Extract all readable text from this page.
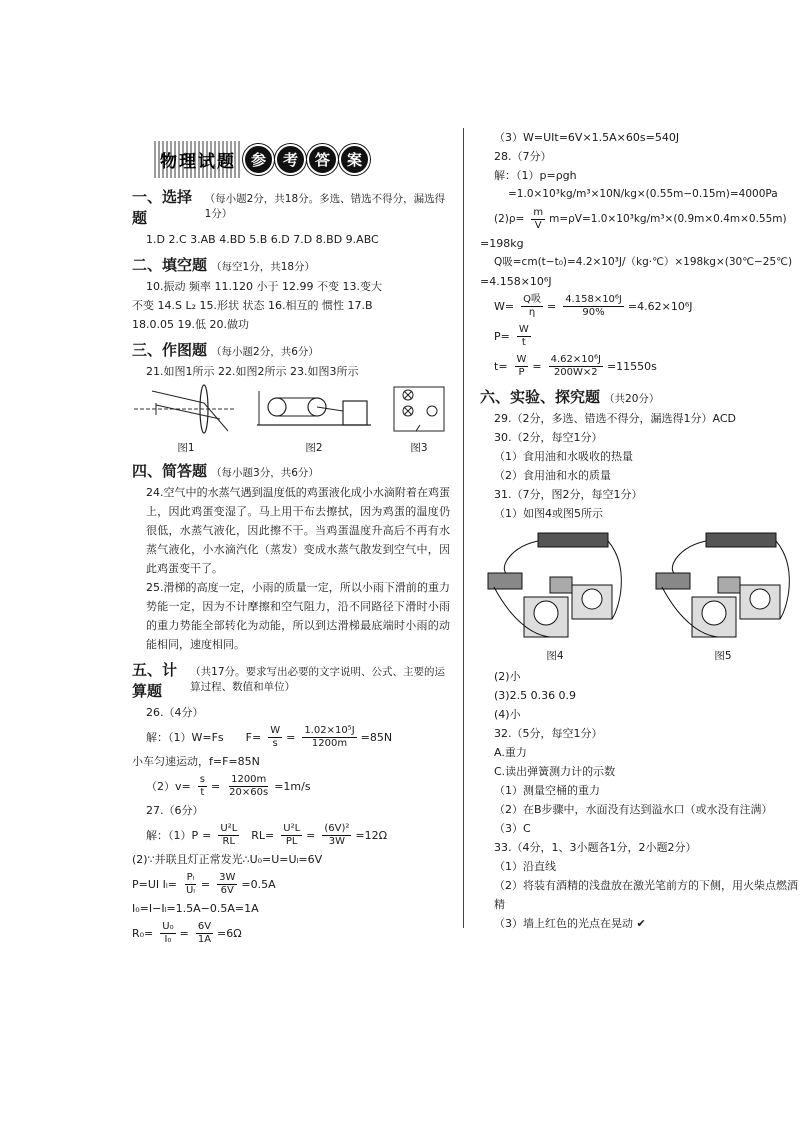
物理试题 参	考	答	案
一、选择题
（每小题2分，共18分。多选、错选不得分，漏选得1分）
1.D 2.C 3.AB 4.BD 5.B 6.D 7.D 8.BD 9.ABC
二、填空题 （每空1分，共18分）
10.振动 频率 11.120 小于 12.99 不变 13.变大
不变 14.S L₂ 15.形状 状态 16.相互的 惯性 17.B
18.0.05 19.低 20.做功
三、作图题 （每小题2分，共6分）
21.如图1所示 22.如图2所示 23.如图3所示
图1	图2	图3
四、简答题 （每小题3分，共6分）
24.空气中的水蒸气遇到温度低的鸡蛋液化成小水滴附着在鸡蛋上，因此鸡蛋变湿了。马上用干布去擦拭，因为鸡蛋的温度仍很低，水蒸气液化，因此擦不干。当鸡蛋温度升高后不再有水蒸气液化，小水滴汽化（蒸发）变成水蒸气散发到空气中，因此鸡蛋变干了。
25.滑梯的高度一定，小雨的质量一定，所以小雨下滑前的重力势能一定，因为不计摩擦和空气阻力，沿不同路径下滑时小雨的重力势能全部转化为动能，所以到达滑梯最底端时小雨的动能相同，速度相同。
五、计算题
（共17分。要求写出必要的文字说明、公式、主要的运算过程、数值和单位）
26.（4分）
解：（1）W=Fs $F= \frac{W}{s} = \frac{\text{1.02×10⁵J}}{1200m} =85N$
小车匀速运动，f=F=85N
$(2)v= \frac{s}{t} = \frac{1200m}{20\times 60s} =1m/s$
27.（6分）
解：$(1)P = \frac{\text{U²L}}{RL} RL= \frac{\text{U²L}}{PL} = \frac{\text{(6V)²}}{3W} =12\Omega$
(2)∵并联且灯正常发光∴U₀=U=Uₗ=6V
P=UI $I_l= \frac{\text{Pₗ}}{\text{Uₗ}} = \frac{3W}{6V} =0.5A$
I₀=I−Iₗ=1.5A−0.5A=1A
$R_0= \frac{\text{U₀}}{\text{I₀}} = \frac{6V}{1A} =6\Omega$
（3）W=UIt=6V×1.5A×60s=540J
28.（7分）
解：（1）p=ρgh
=1.0×10³kg/m³×10N/kg×(0.55m−0.15m)=4000Pa
$(2)\rho= \frac{m}{V} m=\rho V=1.0\times 10^3kg/m^3\times(0.9m\times 0.4m\times 0.55m)$
=198kg
Q吸=cm(t−t₀)=4.2×10³J/（kg·℃）×198kg×(30℃−25℃)
=4.158×10⁶J
$W= \frac{\text{Q吸}}{\eta} = \frac{\text{4.158×10⁶J}}{90\%} =4.62\times 10^6J$
$P= \frac{W}{t}$
$t= \frac{W}{P} = \frac{\text{4.62×10⁶J}}{200W\times 2} =11550s$
六、实验、探究题 （共20分）
29.（2分，多选、错选不得分，漏选得1分）ACD
30.（2分，每空1分）
（1）食用油和水吸收的热量
（2）食用油和水的质量
31.（7分，图2分，每空1分）
（1）如图4或图5所示
图4	图5
(2)小
(3)2.5 0.36 0.9
(4)小
32.（5分，每空1分）
A.重力
C.读出弹簧测力计的示数
（1）测量空桶的重力
（2）在B步骤中，水面没有达到溢水口（或水没有注满）
（3）C
33.（4分，1、3小题各1分，2小题2分）
（1）沿直线
（2）将装有酒精的浅盘放在激光笔前方的下侧，用火柴点燃酒精
（3）墙上红色的光点在晃动 ✔
